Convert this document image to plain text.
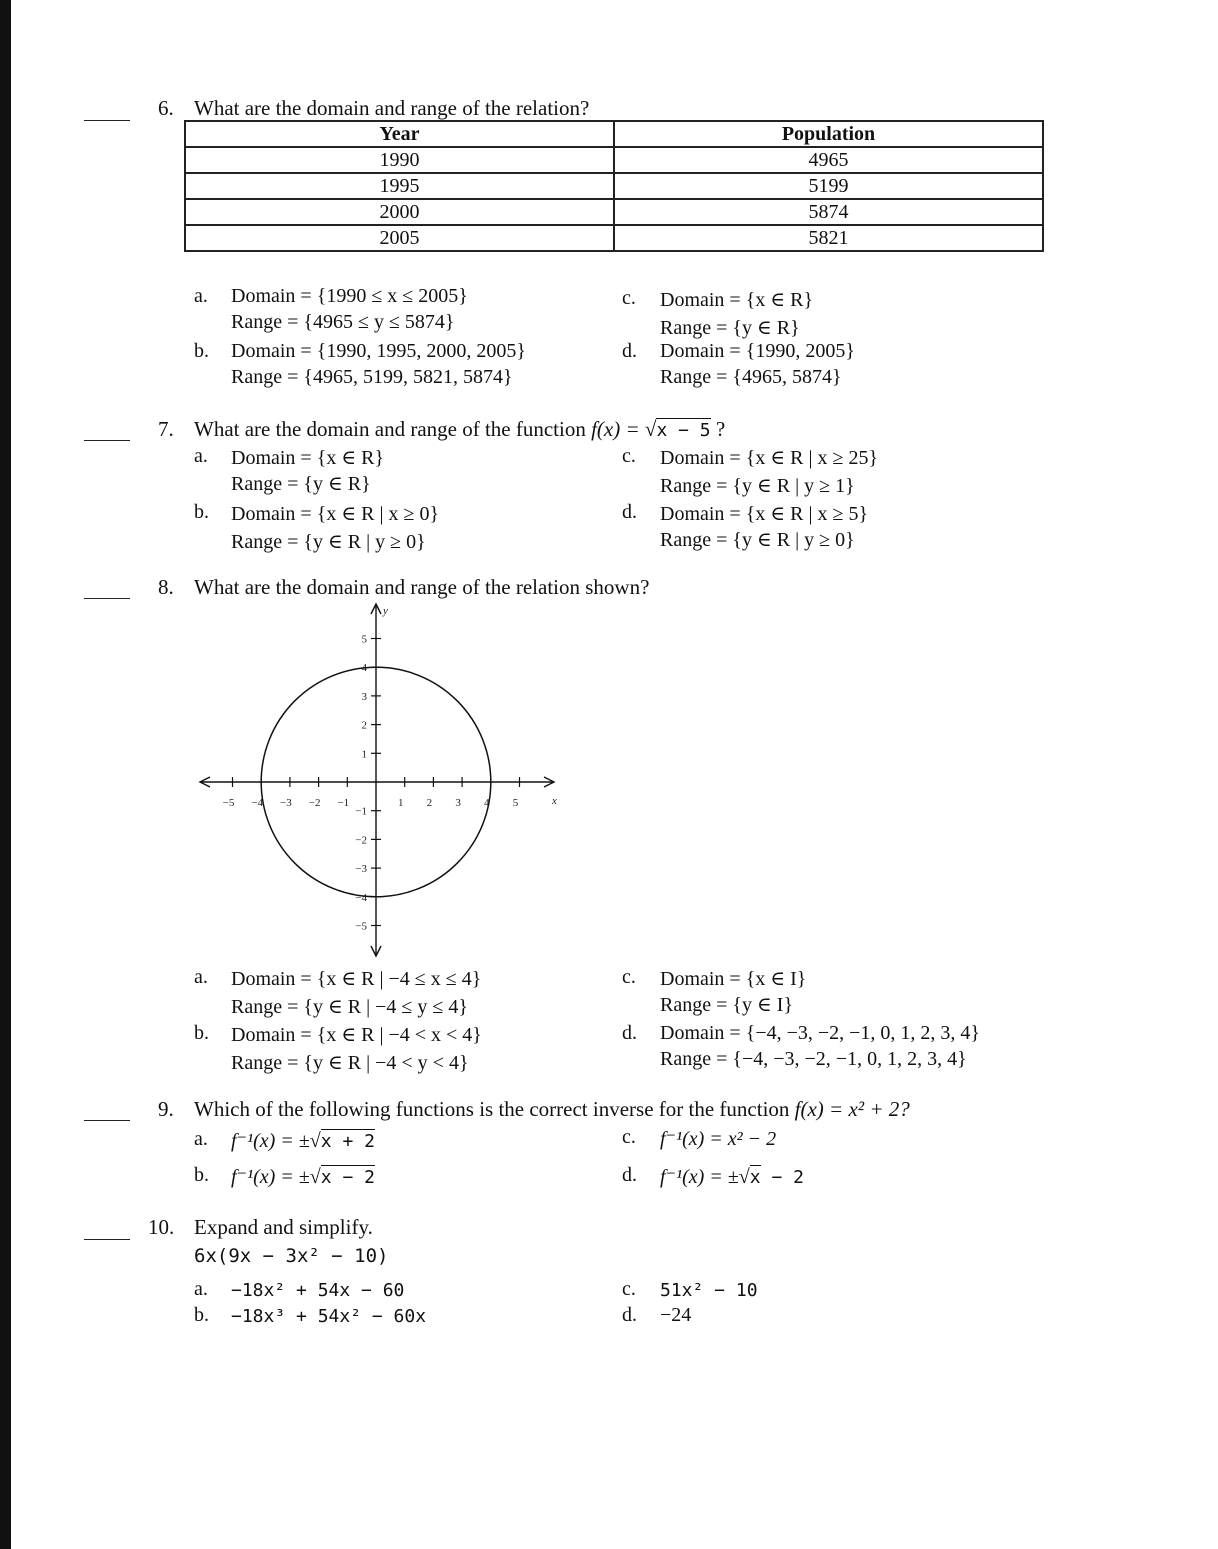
6. What are the domain and range of the relation?
Year	Population
1990	4965
1995	5199
2000	5874
2005	5821
a. Domain = {1990 ≤ x ≤ 2005}
Range = {4965 ≤ y ≤ 5874}
b. Domain = {1990, 1995, 2000, 2005}
Range = {4965, 5199, 5821, 5874}
c. Domain = {x ∈ R}
Range = {y ∈ R}
d. Domain = {1990, 2005}
Range = {4965, 5874}
7. What are the domain and range of the function f(x) = √x − 5 ?
a. Domain = {x ∈ R}
Range = {y ∈ R}
b. Domain = {x ∈ R | x ≥ 0}
Range = {y ∈ R | y ≥ 0}
c. Domain = {x ∈ R | x ≥ 25}
Range = {y ∈ R | y ≥ 1}
d. Domain = {x ∈ R | x ≥ 5}
Range = {y ∈ R | y ≥ 0}
8. What are the domain and range of the relation shown?
−5 −4 −3 −2 −1	1 2 3 4 5
5
4
3
2
1
−1
−2
−3
−4
−5
x
y
a. Domain = {x ∈ R | −4 ≤ x ≤ 4}
Range = {y ∈ R | −4 ≤ y ≤ 4}
b. Domain = {x ∈ R | −4 < x < 4}
Range = {y ∈ R | −4 < y < 4}
c. Domain = {x ∈ I}
Range = {y ∈ I}
d. Domain = {−4, −3, −2, −1, 0, 1, 2, 3, 4}
Range = {−4, −3, −2, −1, 0, 1, 2, 3, 4}
9. Which of the following functions is the correct inverse for the function f(x) = x² + 2?
a. f⁻¹(x) = ±√x + 2
b. f⁻¹(x) = ±√x − 2
c. f⁻¹(x) = x² − 2
d. f⁻¹(x) = ±√x − 2
10. Expand and simplify.
6x(9x − 3x² − 10)
a. −18x² + 54x − 60
b. −18x³ + 54x² − 60x
c. 51x² − 10
d. −24
